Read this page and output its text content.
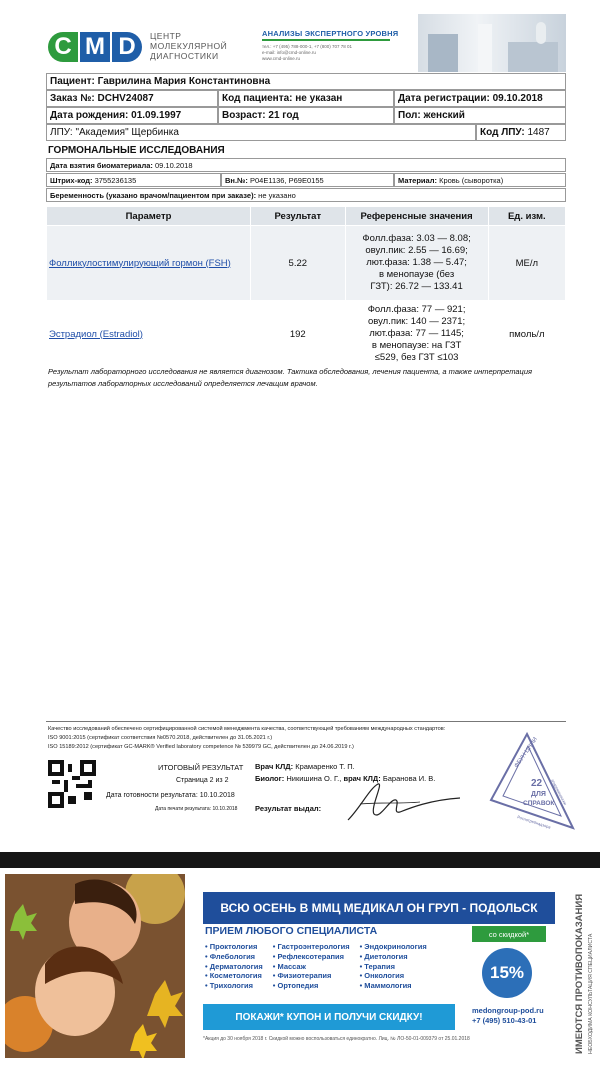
C M D	ЦЕНТР
МОЛЕКУЛЯРНОЙ
ДИАГНОСТИКИ
АНАЛИЗЫ ЭКСПЕРТНОГО УРОВНЯ
тел.: +7 (495) 788-000-1, +7 (800) 707 78 01
e-mail: info@cmd-online.ru
www.cmd-online.ru
Пациент: Гаврилина Мария Константиновна
Заказ №: DCHV24087	Код пациента: не указан	Дата регистрации: 09.10.2018
Дата рождения: 01.09.1997	Возраст: 21 год	Пол: женский
ЛПУ: "Академия" Щербинка	Код ЛПУ:
1487
ГОРМОНАЛЬНЫЕ ИССЛЕДОВАНИЯ
Дата взятия биоматериала:
09.10.2018
Штрих-код:
3755236135	Вн.№:
P04E1136, P69E0155	Материал:
Кровь (сыворотка)
Беременность (указано врачом/пациентом при заказе):
не указано
Параметр	Результат	Референсные значения	Ед. изм.
Фолликулостимулирующий гормон (FSH)	5.22	Фолл.фаза: 3.03 — 8.08;
овул.пик: 2.55 — 16.69;
лют.фаза: 1.38 — 5.47;
в менопаузе (без
ГЗТ): 26.72 — 133.41	МЕ/л
Эстрадиол (Estradiol)	192	Фолл.фаза: 77 — 921;
овул.пик: 140 — 2371;
лют.фаза: 77 — 1145;
в менопаузе: на ГЗТ
≤529, без ГЗТ ≤103	пмоль/л
Результат лабораторного исследования не является диагнозом. Тактика обследования, лечения пациента, а также интерпретация результатов лабораторных исследований определяется лечащим врачом.
Качество исследований обеспечено сертифицированной системой менеджмента качества, соответствующей требованиям международных стандартов:
ISO 9001:2015 (сертификат соответствия №0570.2018, действителен до 31.05.2021 г.)
ISO 15189:2012 (сертификат GC-MARK® Verified laboratory competence № 539979 GC, действителен до 24.06.2019 г.)
ИТОГОВЫЙ РЕЗУЛЬТАТ
Страница 2 из 2
Дата готовности результата: 10.10.2018
Дата печати результата: 10.10.2018
Врач КЛД: Крамаренко Т. П.
Биолог: Никишина О. Г., врач КЛД: Баранова И. В.
Результат выдал:
ФБУН ЦНИИ
22
ДЛЯ
СПРАВОК
эпидемиологии
Роспотребнадзора
ВСЮ ОСЕНЬ В ММЦ МЕДИКАЛ ОН ГРУП - ПОДОЛЬСК
ПРИЕМ ЛЮБОГО СПЕЦИАЛИСТА
• Проктология
• Флебология
• Дерматология
• Косметология
• Трихология
• Гастроэнтерология
• Рефлексотерапия
• Массаж
• Физиотерапия
• Ортопедия
• Эндокринология
• Диетология
• Терапия
• Онкология
• Маммология
со скидкой*
15%
ПОКАЖИ* КУПОН И ПОЛУЧИ СКИДКУ!
medongroup-pod.ru
+7 (495) 510-43-01
*Акция до 30 ноября 2018 г. Скидкой можно воспользоваться единократно. Лиц. № ЛО-50-01-009379 от 25.01.2018	ИМЕЮТСЯ ПРОТИВОПОКАЗАНИЯ НЕОБХОДИМА КОНСУЛЬТАЦИЯ СПЕЦИАЛИСТА
